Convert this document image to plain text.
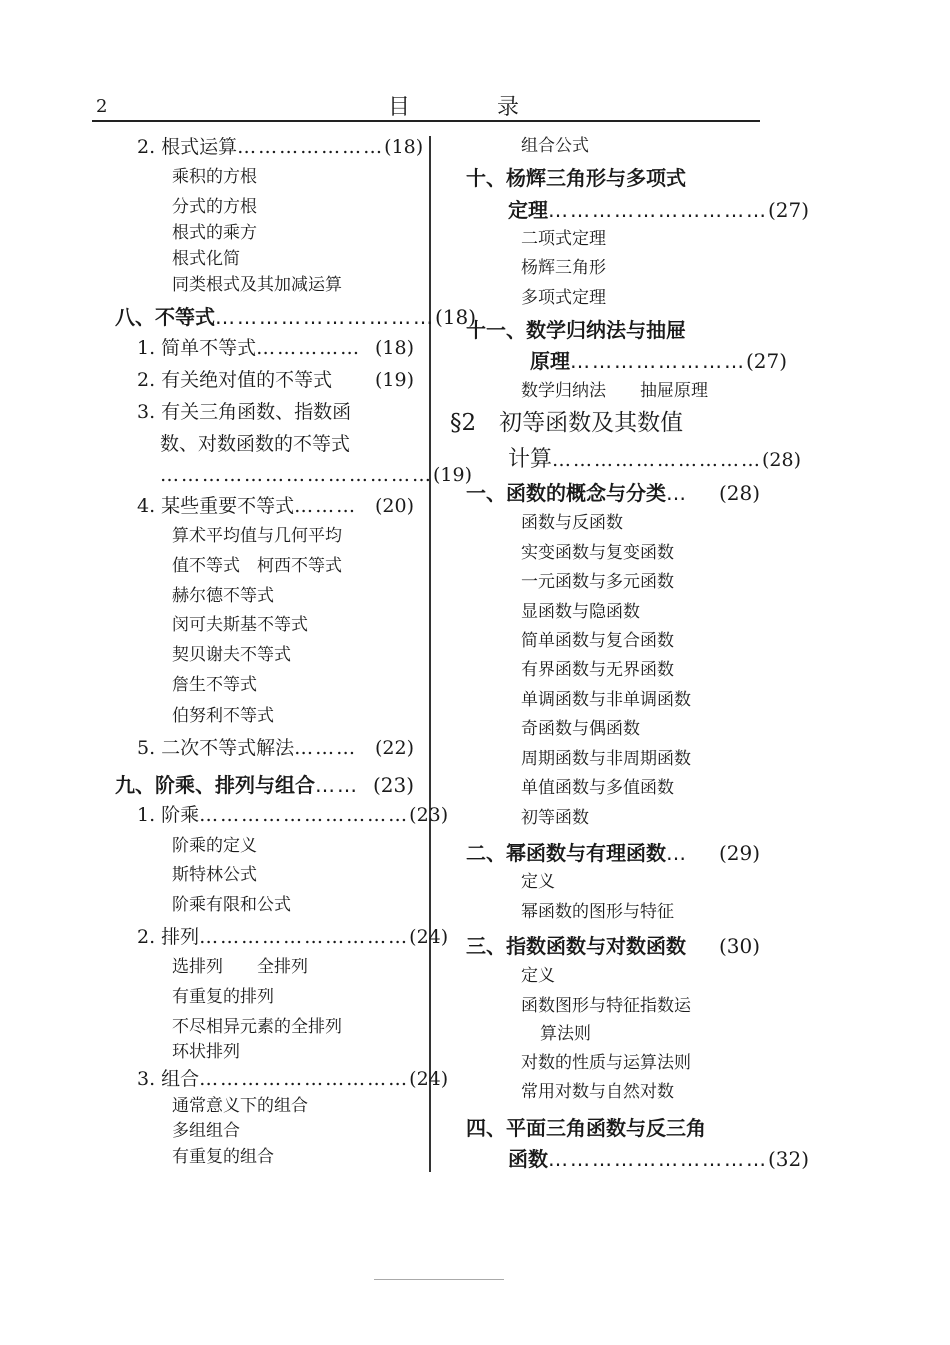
2	目 录
2. 根式运算 ………………… (18)
乘积的方根
分式的方根
根式的乘方
根式化简
同类根式及其加减运算
八、不等式 ………………………… (18)
1. 简单不等式 …………… (18)
2. 有关绝对值的不等式 (19)
3. 有关三角函数、指数函
数、对数函数的不等式
………………………………… (19)
4. 某些重要不等式 ……… (20)
算术平均值与几何平均
值不等式　柯西不等式
赫尔德不等式
闵可夫斯基不等式
契贝谢夫不等式
詹生不等式
伯努利不等式
5. 二次不等式解法 ……… (22)
九、阶乘、排列与组合 …… (23)
1. 阶乘 ………………………… (23)
阶乘的定义
斯特林公式
阶乘有限和公式
2. 排列 ………………………… (24)
选排列　　全排列
有重复的排列
不尽相异元素的全排列
环状排列
3. 组合 ………………………… (24)
通常意义下的组合
多组组合
有重复的组合
组合公式
十、杨辉三角形与多项式
定理 ………………………… (27)
二项式定理
杨辉三角形
多项式定理
十一、数学归纳法与抽屉
原理 …………………… (27)
数学归纳法　　抽屉原理
§2　初等函数及其数值
计算 ………………………… (28)
一、函数的概念与分类 …	(28)
函数与反函数
实变函数与复变函数
一元函数与多元函数
显函数与隐函数
简单函数与复合函数
有界函数与无界函数
单调函数与非单调函数
奇函数与偶函数
周期函数与非周期函数
单值函数与多值函数
初等函数
二、幂函数与有理函数 …	(29)
定义
幂函数的图形与特征
三、指数函数与对数函数 (30)
定义
函数图形与特征指数运
算法则
对数的性质与运算法则
常用对数与自然对数
四、平面三角函数与反三角
函数 ………………………… (32)
